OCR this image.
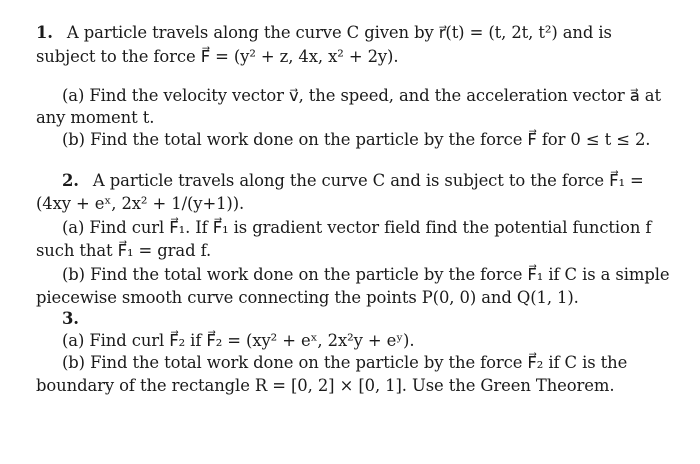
1. A particle travels along the curve C given by r⃗(t) = (t, 2t, t²) and is
subject to the force F⃗ = (y² + z, 4x, x² + 2y).
(a) Find the velocity vector v⃗, the speed, and the acceleration vector a⃗ at
any moment t.
(b) Find the total work done on the particle by the force F⃗ for 0 ≤ t ≤ 2.
2. A particle travels along the curve C and is subject to the force F⃗₁ =
(4xy + eˣ, 2x² + 1/(y+1)).
(a) Find curl F⃗₁. If F⃗₁ is gradient vector field find the potential function f
such that F⃗₁ = grad f.
(b) Find the total work done on the particle by the force F⃗₁ if C is a simple
piecewise smooth curve connecting the points P(0, 0) and Q(1, 1).
3.
(a) Find curl F⃗₂ if F⃗₂ = (xy² + eˣ, 2x²y + eʸ).
(b) Find the total work done on the particle by the force F⃗₂ if C is the
boundary of the rectangle R = [0, 2] × [0, 1]. Use the Green Theorem.
